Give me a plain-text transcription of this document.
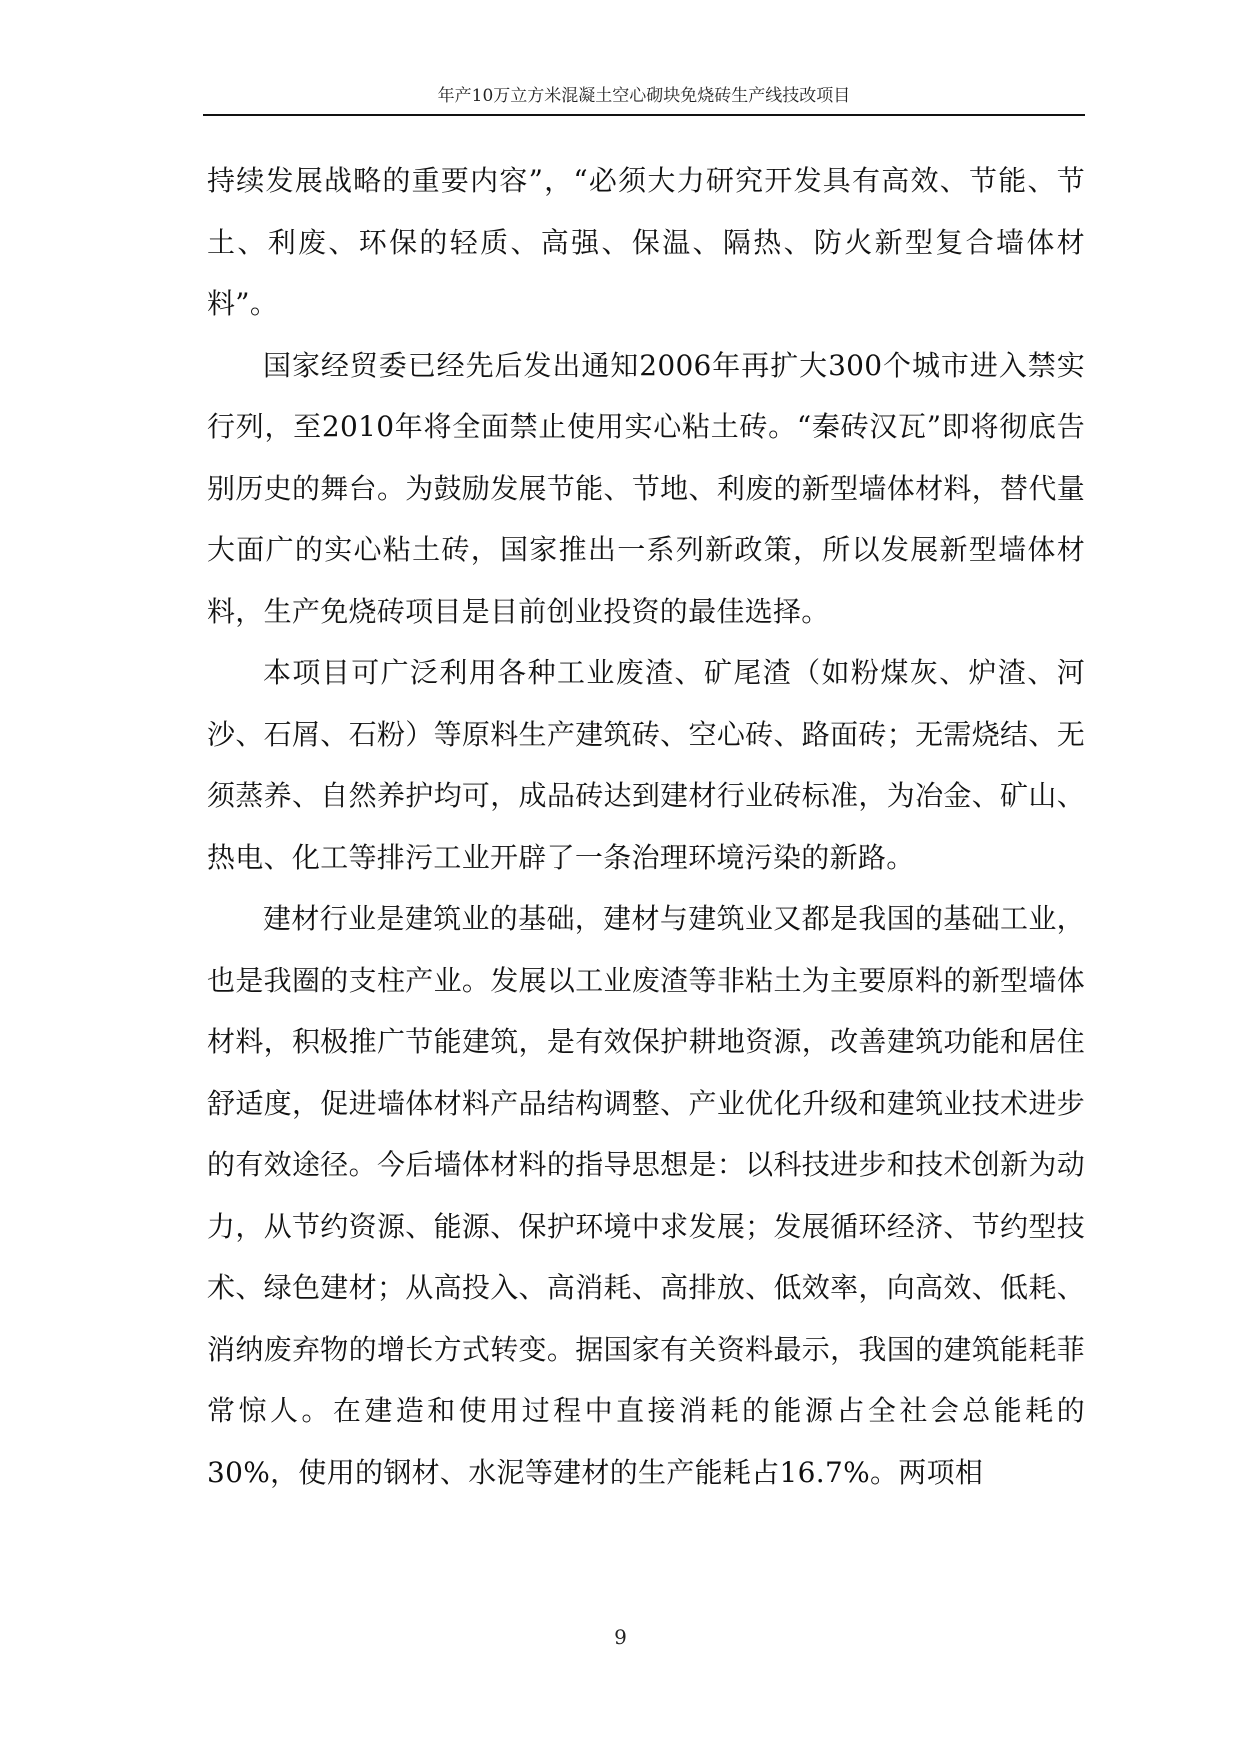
年产10万立方米混凝土空心砌块免烧砖生产线技改项目

持续发展战略的重要内容”，“必须大力研究开发具有高效、节能、节土、利废、环保的轻质、高强、保温、隔热、防火新型复合墙体材料”。

国家经贸委已经先后发出通知2006年再扩大300个城市进入禁实行列，至2010年将全面禁止使用实心粘土砖。“秦砖汉瓦”即将彻底告别历史的舞台。为鼓励发展节能、节地、利废的新型墙体材料，替代量大面广的实心粘土砖，国家推出一系列新政策，所以发展新型墙体材料，生产免烧砖项目是目前创业投资的最佳选择。

本项目可广泛利用各种工业废渣、矿尾渣（如粉煤灰、炉渣、河沙、石屑、石粉）等原料生产建筑砖、空心砖、路面砖；无需烧结、无须蒸养、自然养护均可，成品砖达到建材行业砖标准，为冶金、矿山、热电、化工等排污工业开辟了一条治理环境污染的新路。

建材行业是建筑业的基础，建材与建筑业又都是我国的基础工业，也是我圈的支柱产业。发展以工业废渣等非粘土为主要原料的新型墙体材料，积极推广节能建筑，是有效保护耕地资源，改善建筑功能和居住舒适度，促进墙体材料产品结构调整、产业优化升级和建筑业技术进步的有效途径。今后墙体材料的指导思想是：以科技进步和技术创新为动力，从节约资源、能源、保护环境中求发展；发展循环经济、节约型技术、绿色建材；从高投入、高消耗、高排放、低效率，向高效、低耗、消纳废弃物的增长方式转变。据国家有关资料最示，我国的建筑能耗菲常惊人。在建造和使用过程中直接消耗的能源占全社会总能耗的30%，使用的钢材、水泥等建材的生产能耗占16.7%。两项相

9
